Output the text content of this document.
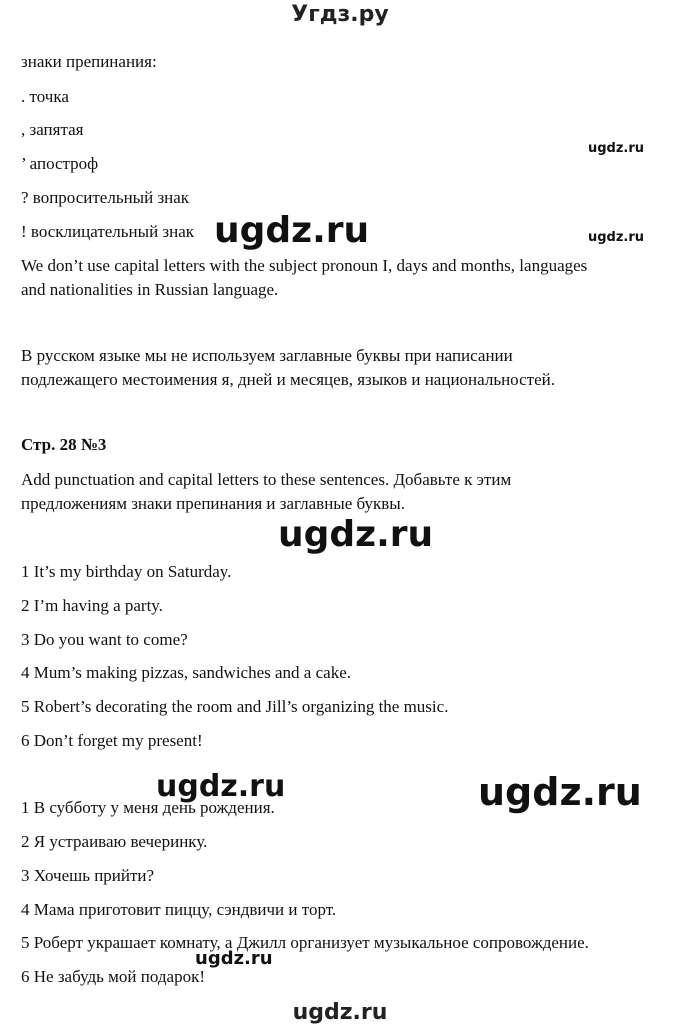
Угдз.ру
знаки препинания:
. точка
, запятая
’ апостроф
? вопросительный знак
! восклицательный знак
We don’t use capital letters with the subject pronoun I, days and months, languages
and nationalities in Russian language.
В русском языке мы не используем заглавные буквы при написании
подлежащего местоимения я, дней и месяцев, языков и национальностей.
Стр. 28 №3
Add punctuation and capital letters to these sentences. Добавьте к этим
предложениям знаки препинания и заглавные буквы.
1 It’s my birthday on Saturday.
2 I’m having a party.
3 Do you want to come?
4 Mum’s making pizzas, sandwiches and a cake.
5 Robert’s decorating the room and Jill’s organizing the music.
6 Don’t forget my present!
1 В субботу у меня день рождения.
2 Я устраиваю вечеринку.
3 Хочешь прийти?
4 Мама приготовит пиццу, сэндвичи и торт.
5 Роберт украшает комнату, а Джилл организует музыкальное сопровождение.
6 Не забудь мой подарок!
ugdz.ru
ugdz.ru
ugdz.ru	ugdz.ru
ugdz.ru
ugdz.ru
ugdz.ru
ugdz.ru
